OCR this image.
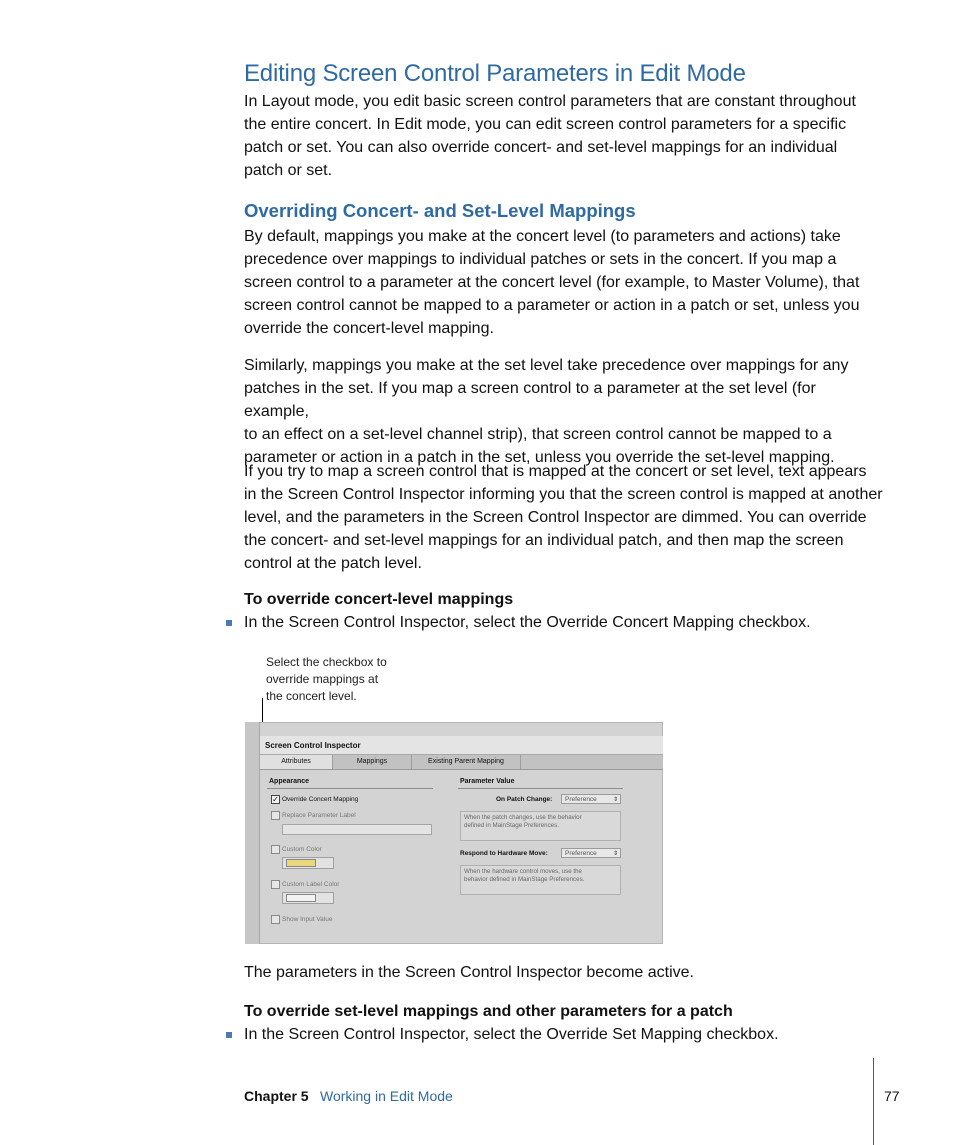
Editing Screen Control Parameters in Edit Mode
In Layout mode, you edit basic screen control parameters that are constant throughout
the entire concert. In Edit mode, you can edit screen control parameters for a specific
patch or set. You can also override concert- and set-level mappings for an individual
patch or set.
Overriding Concert- and Set-Level Mappings
By default, mappings you make at the concert level (to parameters and actions) take
precedence over mappings to individual patches or sets in the concert. If you map a
screen control to a parameter at the concert level (for example, to Master Volume), that
screen control cannot be mapped to a parameter or action in a patch or set, unless you
override the concert-level mapping.
Similarly, mappings you make at the set level take precedence over mappings for any
patches in the set. If you map a screen control to a parameter at the set level (for example,
to an effect on a set-level channel strip), that screen control cannot be mapped to a
parameter or action in a patch in the set, unless you override the set-level mapping.
If you try to map a screen control that is mapped at the concert or set level, text appears
in the Screen Control Inspector informing you that the screen control is mapped at another
level, and the parameters in the Screen Control Inspector are dimmed. You can override
the concert- and set-level mappings for an individual patch, and then map the screen
control at the patch level.
To override concert-level mappings
In the Screen Control Inspector, select the Override Concert Mapping checkbox.
Select the checkbox to
override mappings at
the concert level.
Screen Control Inspector
Attributes	Mappings	Existing Parent Mapping
Appearance
✓ Override Concert Mapping
Replace Parameter Label
Custom Color
Custom Label Color
Show Input Value
Parameter Value
On Patch Change:	Preference	⇕
When the patch changes, use the behavior
defined in MainStage Preferences.
Respond to Hardware Move:	Preference	⇕
When the hardware control moves, use the
behavior defined in MainStage Preferences.
The parameters in the Screen Control Inspector become active.
To override set-level mappings and other parameters for a patch
In the Screen Control Inspector, select the Override Set Mapping checkbox.
Chapter 5 Working in Edit Mode	77
